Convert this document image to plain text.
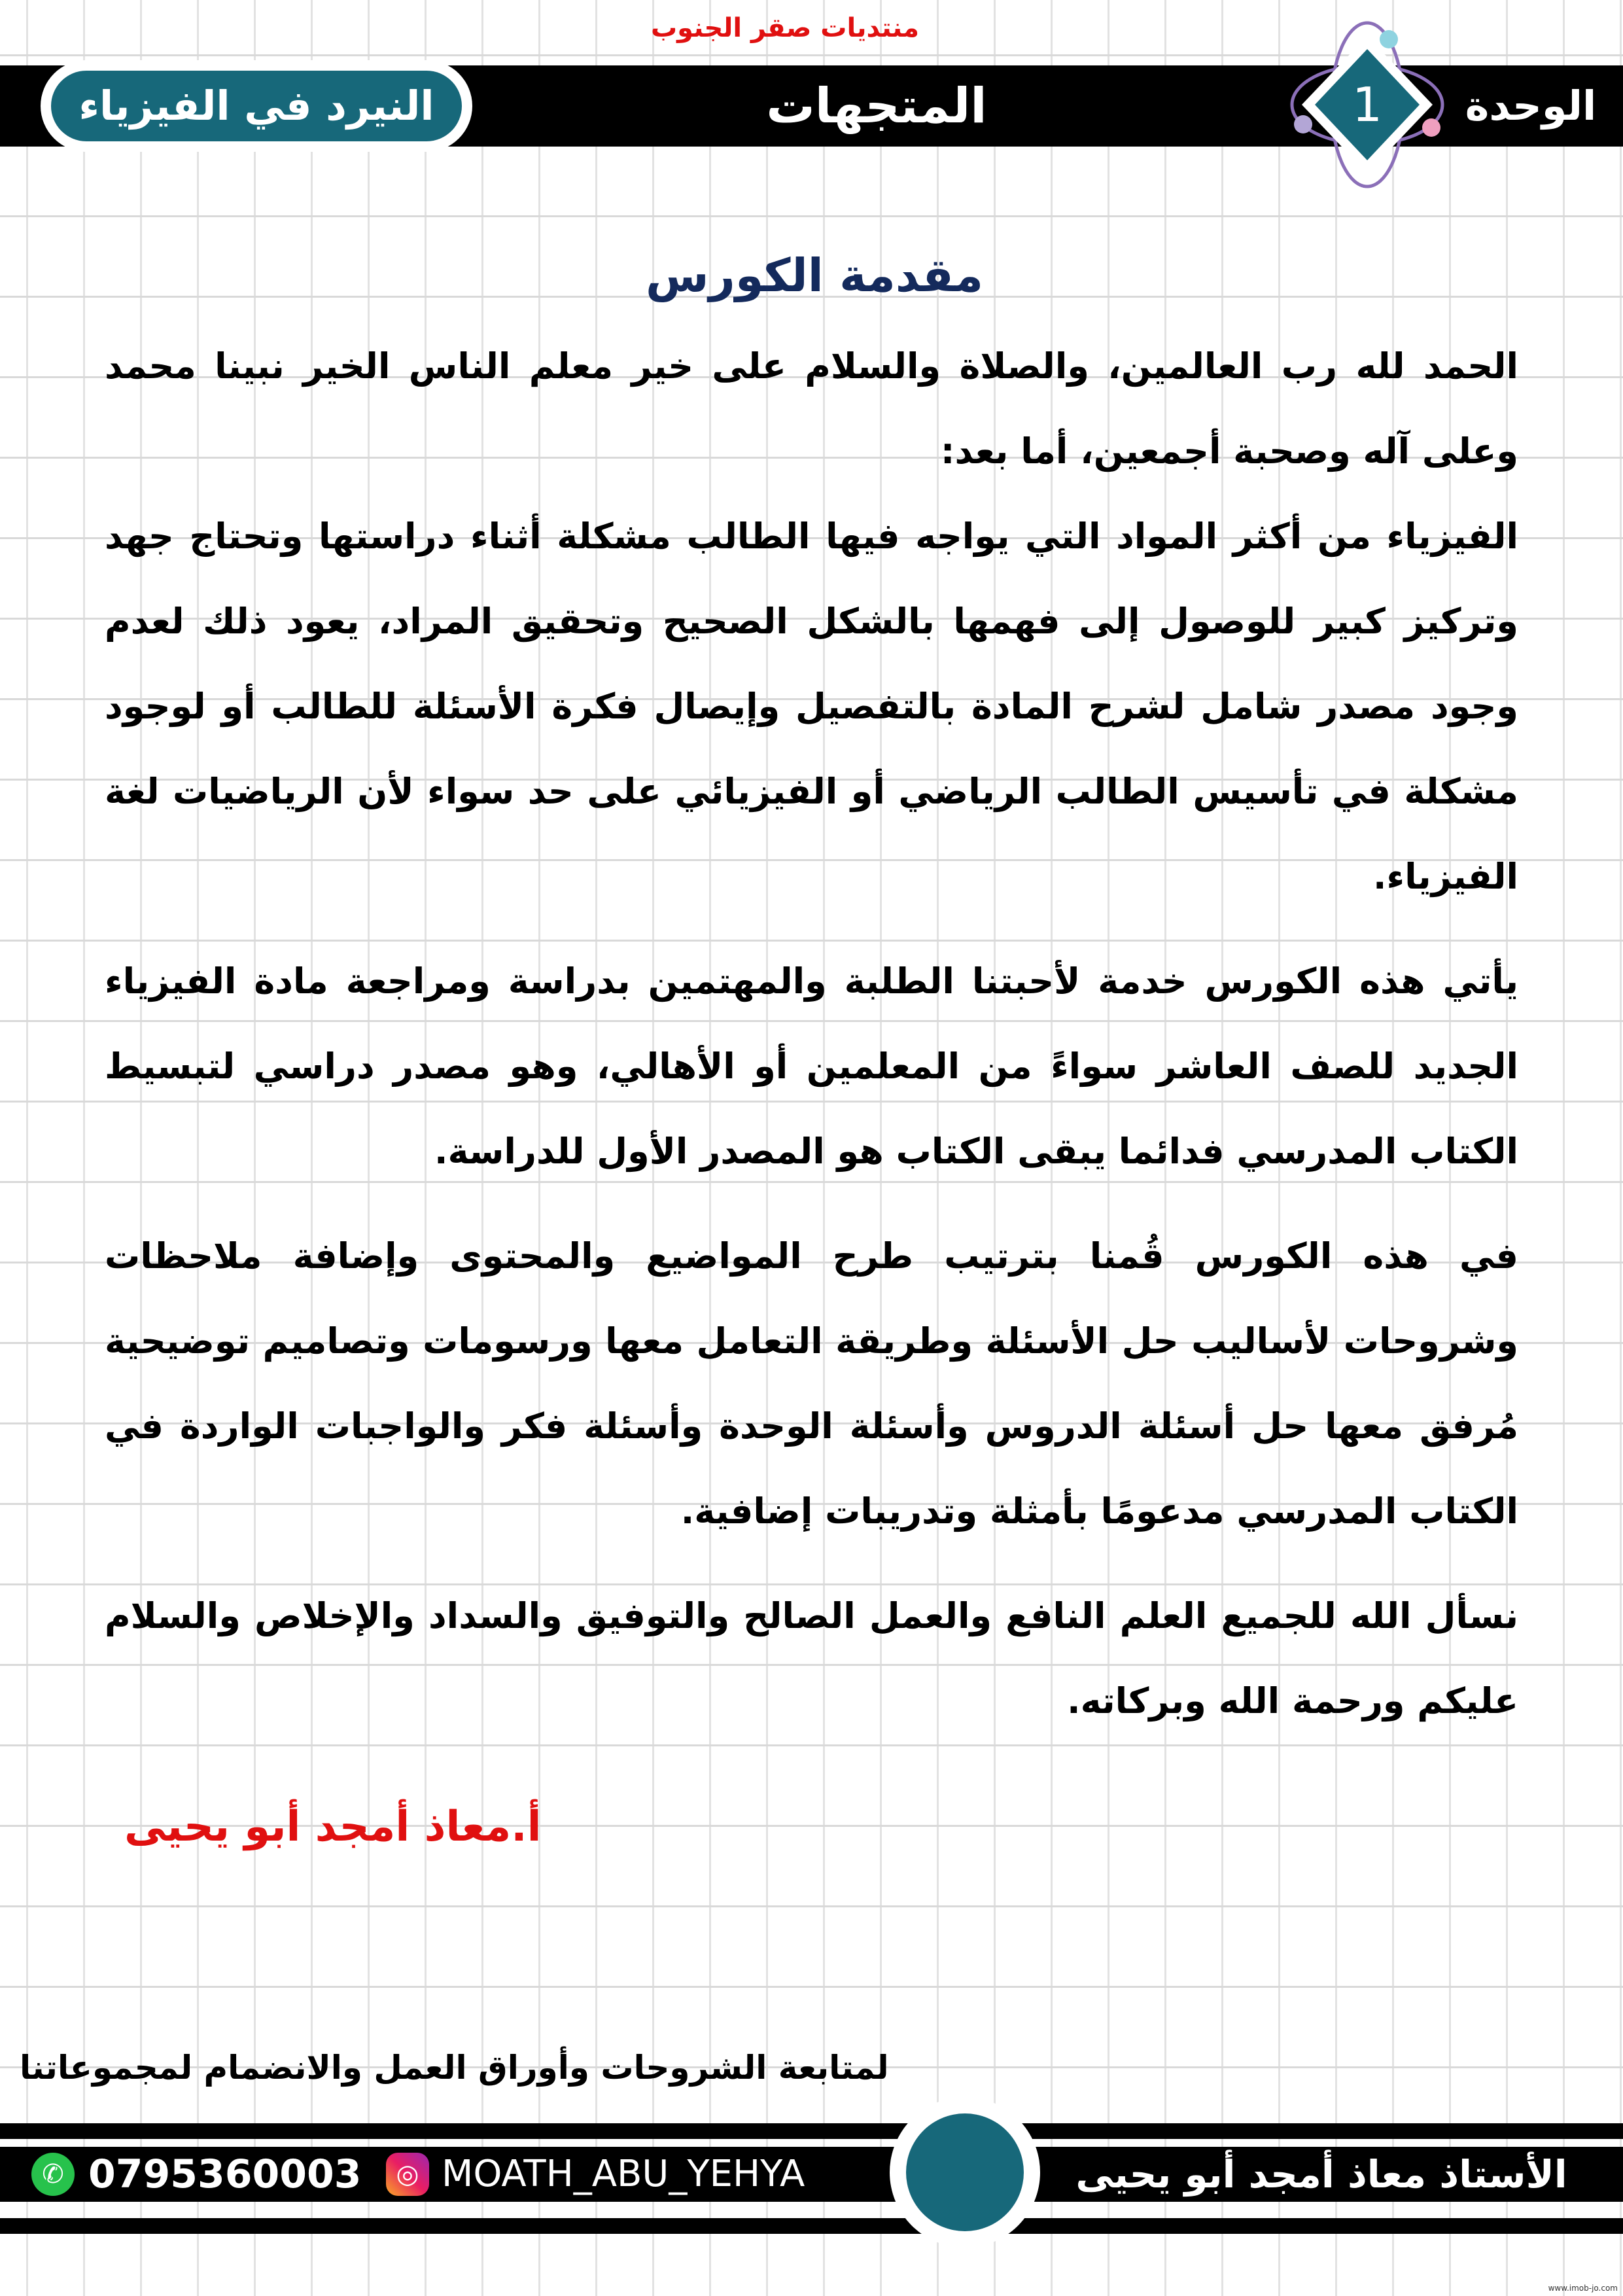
منتديات صقر الجنوب
النيرد في الفيزياء	المتجهات	1	الوحدة
مقدمة الكورس
الحمد لله رب العالمين، والصلاة والسلام على خير معلم الناس الخير نبينا محمد وعلى آله وصحبة أجمعين، أما بعد:
الفيزياء من أكثر المواد التي يواجه فيها الطالب مشكلة أثناء دراستها وتحتاج جهد وتركيز كبير للوصول إلى فهمها بالشكل الصحيح وتحقيق المراد، يعود ذلك لعدم وجود مصدر شامل لشرح المادة بالتفصيل وإيصال فكرة الأسئلة للطالب أو لوجود مشكلة في تأسيس الطالب الرياضي أو الفيزيائي على حد سواء لأن الرياضيات لغة الفيزياء.
يأتي هذه الكورس خدمة لأحبتنا الطلبة والمهتمين بدراسة ومراجعة مادة الفيزياء الجديد للصف العاشر سواءً من المعلمين أو الأهالي، وهو مصدر دراسي لتبسيط الكتاب المدرسي فدائما يبقى الكتاب هو المصدر الأول للدراسة.
في هذه الكورس قُمنا بترتيب طرح المواضيع والمحتوى وإضافة ملاحظات وشروحات لأساليب حل الأسئلة وطريقة التعامل معها ورسومات وتصاميم توضيحية مُرفق معها حل أسئلة الدروس وأسئلة الوحدة وأسئلة فكر والواجبات الواردة في الكتاب المدرسي مدعومًا بأمثلة وتدريبات إضافية.
نسأل الله للجميع العلم النافع والعمل الصالح والتوفيق والسداد والإخلاص والسلام عليكم ورحمة الله وبركاته.
أ.معاذ أمجد أبو يحيى
لمتابعة الشروحات وأوراق العمل والانضمام لمجموعاتنا
الأستاذ معاذ أمجد أبو يحيى
✆ 0795360003	◎ MOATH_ABU_YEHYA
www.imob-jo.com
